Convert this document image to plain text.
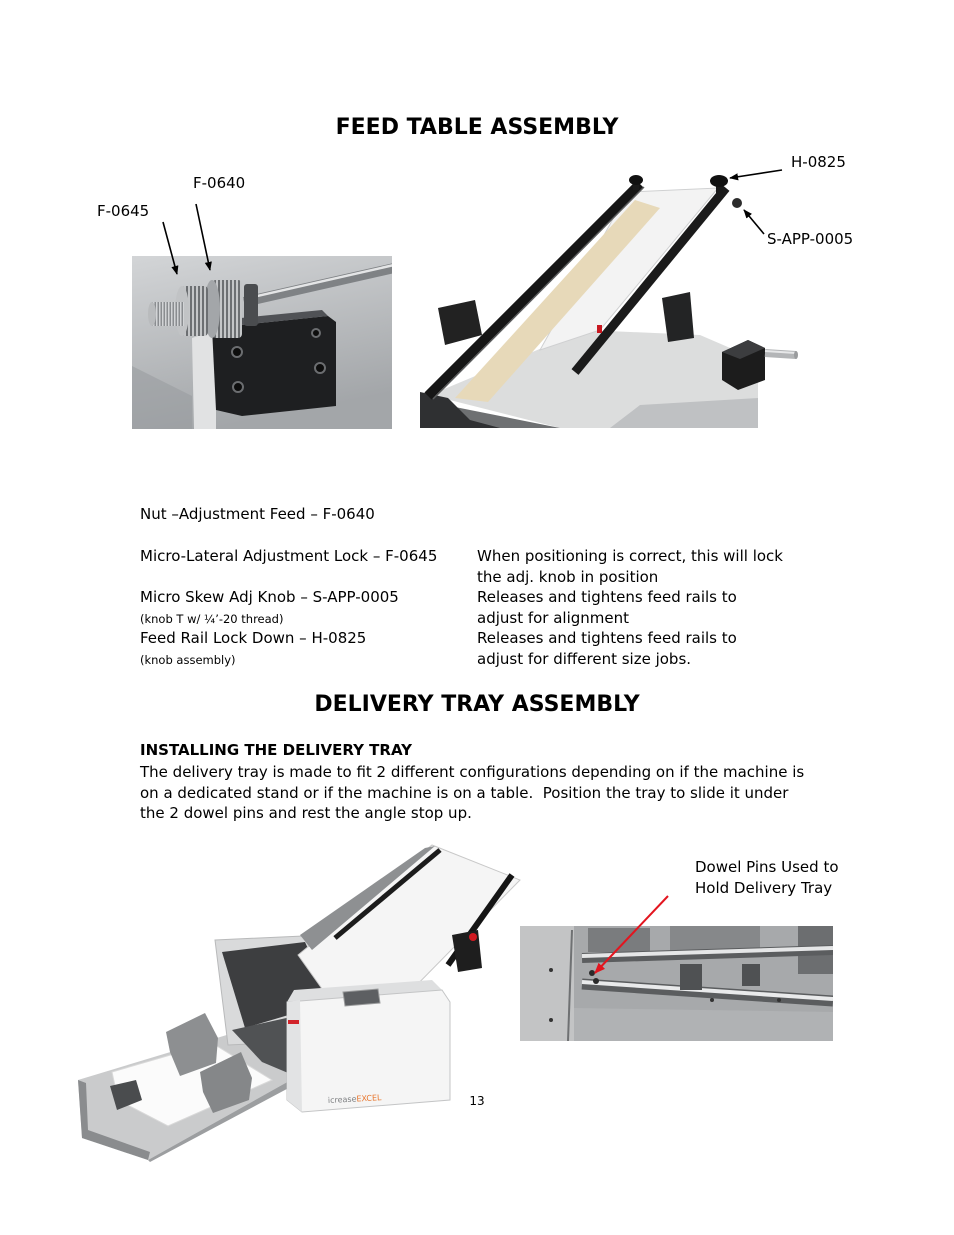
icreaseEXCEL
FEED TABLE ASSEMBLY
F-0640
F-0645
H-0825
S-APP-0005
Nut –Adjustment Feed – F-0640
Micro-Lateral Adjustment Lock – F-0645	When positioning is correct, this will lock
the adj. knob in position
Micro Skew Adj Knob – S-APP-0005
(knob T w/ ¼’-20 thread)
Releases and tightens feed rails to
adjust for alignment
Feed Rail Lock Down – H-0825
(knob assembly)
Releases and tightens feed rails to
adjust for different size jobs.
DELIVERY TRAY ASSEMBLY
INSTALLING THE DELIVERY TRAY
The delivery tray is made to fit 2 different configurations depending on if the machine is
on a dedicated stand or if the machine is on a table.  Position the tray to slide it under
the 2 dowel pins and rest the angle stop up.
Dowel Pins Used to
Hold Delivery Tray
13
